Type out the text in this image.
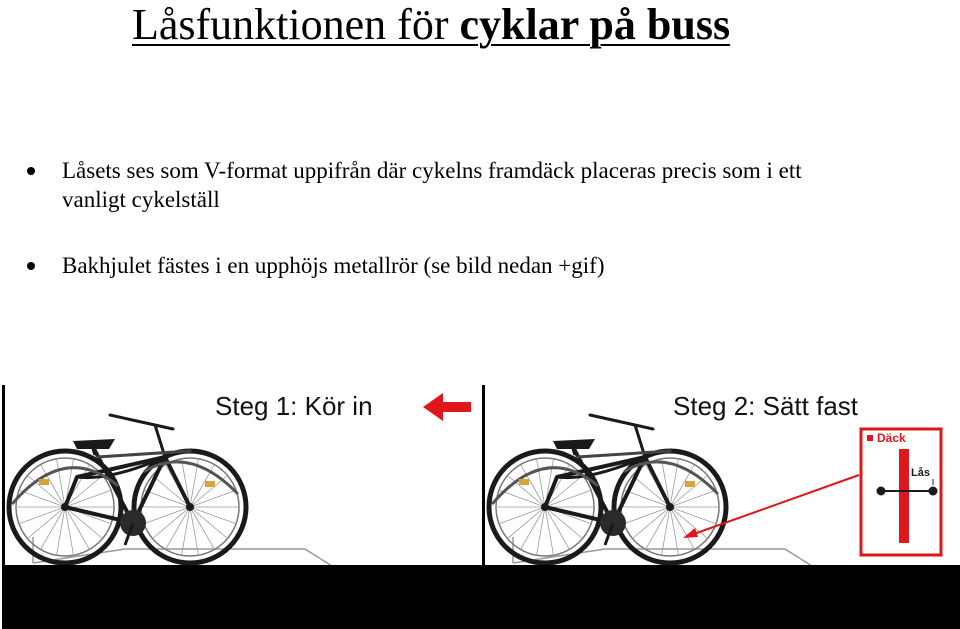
Låsfunktionen för cyklar på buss
Låsets ses som V-format uppifrån där cykelns framdäck placeras precis som i ett
vanligt cykelställ
Bakhjulet fästes i en upphöjs metallrör (se bild nedan +gif)
Steg 1: Kör in	Steg 2: Sätt fast
Däck
Lås
